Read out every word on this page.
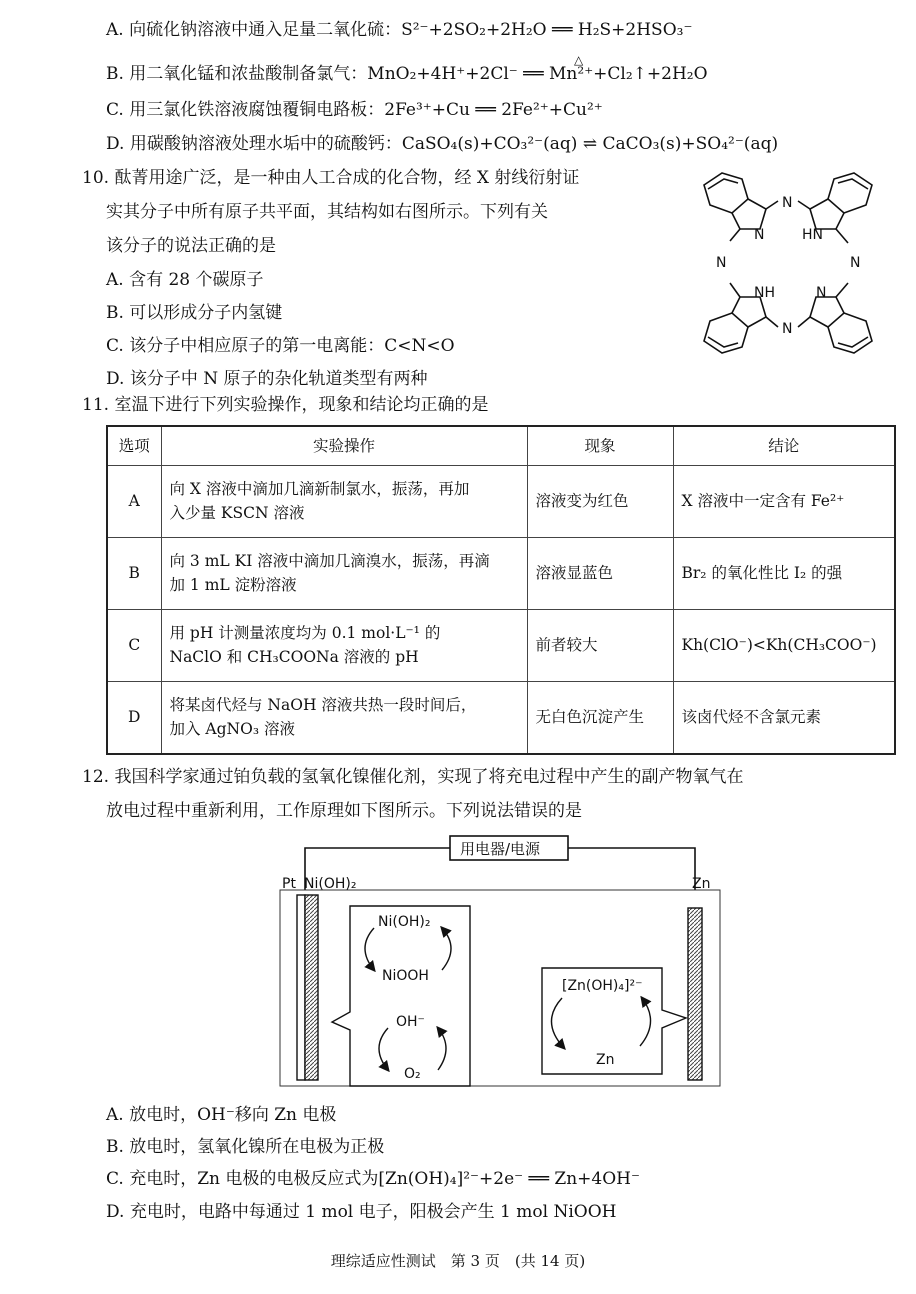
A. 向硫化钠溶液中通入足量二氧化硫：S²⁻+2SO₂+2H₂O ══ H₂S+2HSO₃⁻
B. 用二氧化锰和浓盐酸制备氯气：MnO₂+4H⁺+2Cl⁻ ══ Mn²⁺+Cl₂↑+2H₂O
△
C. 用三氯化铁溶液腐蚀覆铜电路板：2Fe³⁺+Cu ══ 2Fe²⁺+Cu²⁺
D. 用碳酸钠溶液处理水垢中的硫酸钙：CaSO₄(s)+CO₃²⁻(aq) ⇌ CaCO₃(s)+SO₄²⁻(aq)
10. 酞菁用途广泛，是一种由人工合成的化合物，经 X 射线衍射证
实其分子中所有原子共平面，其结构如右图所示。下列有关
该分子的说法正确的是
A. 含有 28 个碳原子
B. 可以形成分子内氢键
C. 该分子中相应原子的第一电离能：C<N<O
D. 该分子中 N 原子的杂化轨道类型有两种
N
N	HN
N	N
NH	N
N
11. 室温下进行下列实验操作，现象和结论均正确的是
选项	实验操作	现象	结论
A	向 X 溶液中滴加几滴新制氯水，振荡，再加
入少量 KSCN 溶液	溶液变为红色	X 溶液中一定含有 Fe²⁺
B	向 3 mL KI 溶液中滴加几滴溴水，振荡，再滴
加 1 mL 淀粉溶液	溶液显蓝色	Br₂ 的氧化性比 I₂ 的强
C	用 pH 计测量浓度均为 0.1 mol·L⁻¹ 的
NaClO 和 CH₃COONa 溶液的 pH	前者较大	Kh(ClO⁻)<Kh(CH₃COO⁻)
D	将某卤代烃与 NaOH 溶液共热一段时间后，
加入 AgNO₃ 溶液	无白色沉淀产生	该卤代烃不含氯元素
12. 我国科学家通过铂负载的氢氧化镍催化剂，实现了将充电过程中产生的副产物氧气在
放电过程中重新利用，工作原理如下图所示。下列说法错误的是
用电器/电源
Pt Ni(OH)₂	Zn
Ni(OH)₂
NiOOH
OH⁻
O₂
[Zn(OH)₄]²⁻
Zn
A. 放电时，OH⁻移向 Zn 电极
B. 放电时，氢氧化镍所在电极为正极
C. 充电时，Zn 电极的电极反应式为[Zn(OH)₄]²⁻+2e⁻ ══ Zn+4OH⁻
D. 充电时，电路中每通过 1 mol 电子，阳极会产生 1 mol NiOOH
理综适应性测试　第 3 页　(共 14 页)
